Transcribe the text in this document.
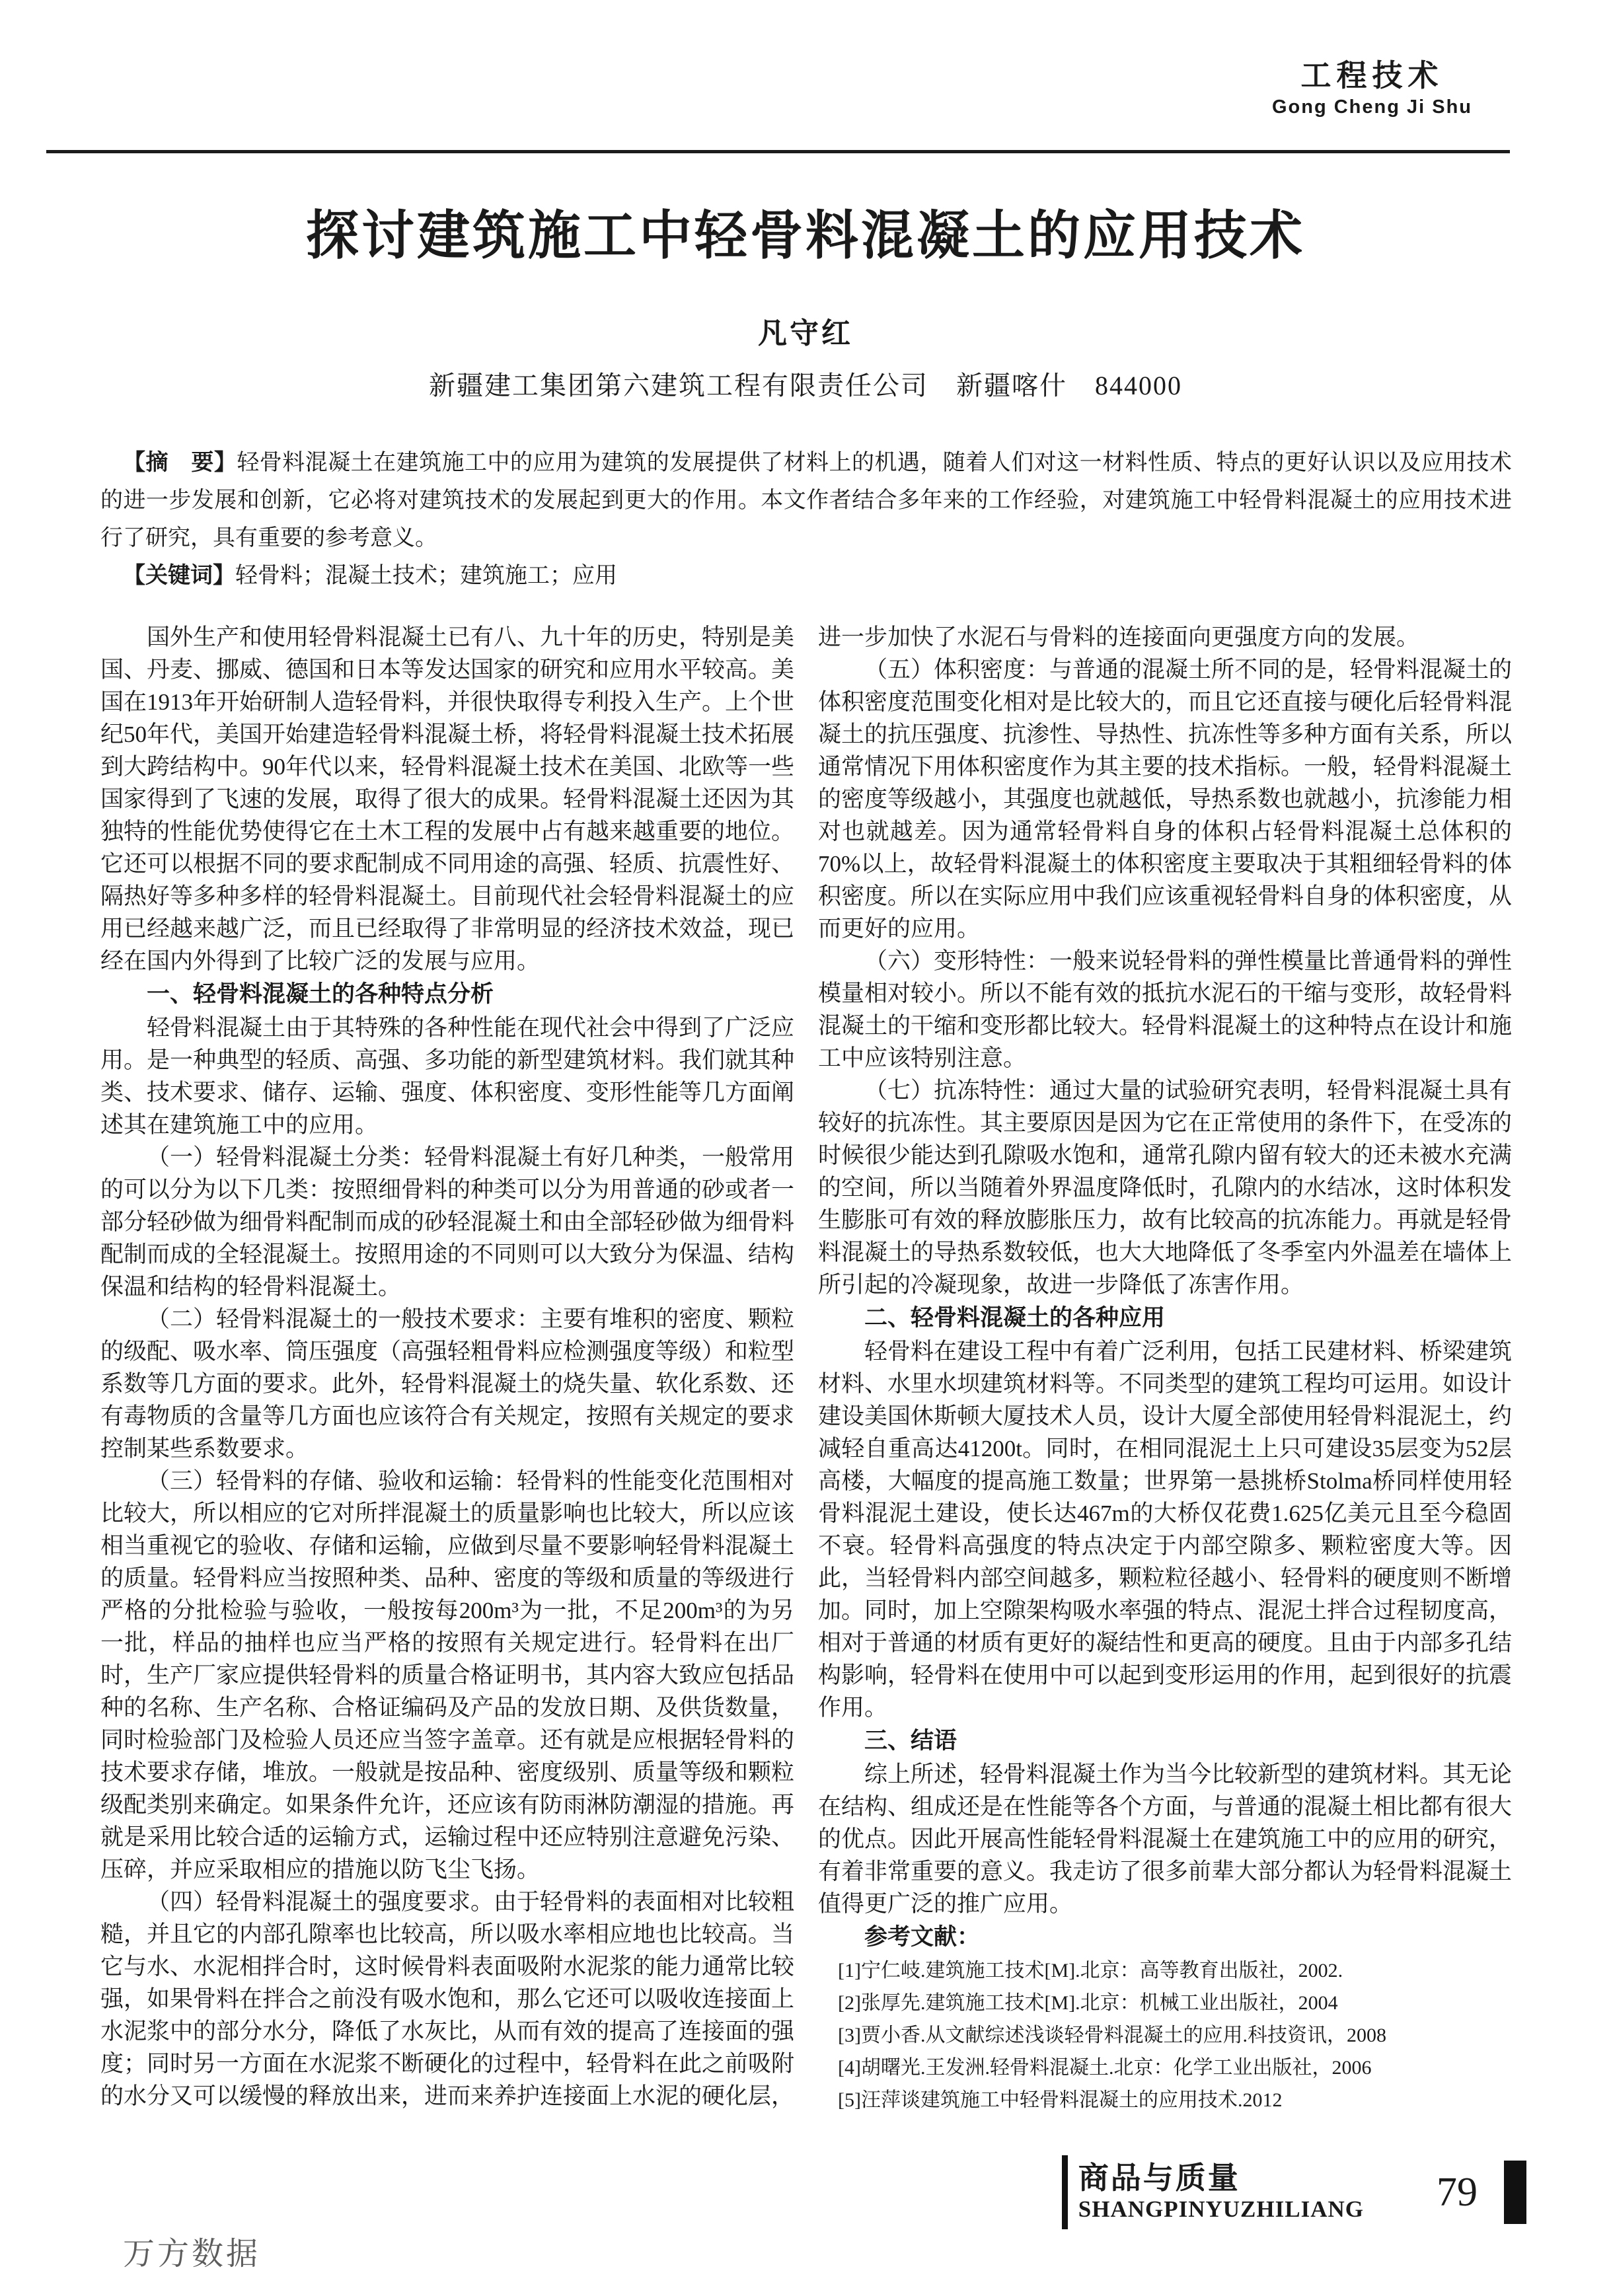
工程技术
Gong Cheng Ji Shu
探讨建筑施工中轻骨料混凝土的应用技术
凡守红
新疆建工集团第六建筑工程有限责任公司　新疆喀什　844000
【摘　要】轻骨料混凝土在建筑施工中的应用为建筑的发展提供了材料上的机遇，随着人们对这一材料性质、特点的更好认识以及应用技术的进一步发展和创新，它必将对建筑技术的发展起到更大的作用。本文作者结合多年来的工作经验，对建筑施工中轻骨料混凝土的应用技术进行了研究，具有重要的参考意义。
【关键词】轻骨料；混凝土技术；建筑施工；应用
国外生产和使用轻骨料混凝土已有八、九十年的历史，特别是美国、丹麦、挪威、德国和日本等发达国家的研究和应用水平较高。美国在1913年开始研制人造轻骨料，并很快取得专利投入生产。上个世纪50年代，美国开始建造轻骨料混凝土桥，将轻骨料混凝土技术拓展到大跨结构中。90年代以来，轻骨料混凝土技术在美国、北欧等一些国家得到了飞速的发展，取得了很大的成果。轻骨料混凝土还因为其独特的性能优势使得它在土木工程的发展中占有越来越重要的地位。它还可以根据不同的要求配制成不同用途的高强、轻质、抗震性好、隔热好等多种多样的轻骨料混凝土。目前现代社会轻骨料混凝土的应用已经越来越广泛，而且已经取得了非常明显的经济技术效益，现已经在国内外得到了比较广泛的发展与应用。
一、轻骨料混凝土的各种特点分析
轻骨料混凝土由于其特殊的各种性能在现代社会中得到了广泛应用。是一种典型的轻质、高强、多功能的新型建筑材料。我们就其种类、技术要求、储存、运输、强度、体积密度、变形性能等几方面阐述其在建筑施工中的应用。
（一）轻骨料混凝土分类：轻骨料混凝土有好几种类，一般常用的可以分为以下几类：按照细骨料的种类可以分为用普通的砂或者一部分轻砂做为细骨料配制而成的砂轻混凝土和由全部轻砂做为细骨料配制而成的全轻混凝土。按照用途的不同则可以大致分为保温、结构保温和结构的轻骨料混凝土。
（二）轻骨料混凝土的一般技术要求：主要有堆积的密度、颗粒的级配、吸水率、筒压强度（高强轻粗骨料应检测强度等级）和粒型系数等几方面的要求。此外，轻骨料混凝土的烧失量、软化系数、还有毒物质的含量等几方面也应该符合有关规定，按照有关规定的要求控制某些系数要求。
（三）轻骨料的存储、验收和运输：轻骨料的性能变化范围相对比较大，所以相应的它对所拌混凝土的质量影响也比较大，所以应该相当重视它的验收、存储和运输，应做到尽量不要影响轻骨料混凝土的质量。轻骨料应当按照种类、品种、密度的等级和质量的等级进行严格的分批检验与验收，一般按每200m³为一批，不足200m³的为另一批，样品的抽样也应当严格的按照有关规定进行。轻骨料在出厂时，生产厂家应提供轻骨料的质量合格证明书，其内容大致应包括品种的名称、生产名称、合格证编码及产品的发放日期、及供货数量，同时检验部门及检验人员还应当签字盖章。还有就是应根据轻骨料的技术要求存储，堆放。一般就是按品种、密度级别、质量等级和颗粒级配类别来确定。如果条件允许，还应该有防雨淋防潮湿的措施。再就是采用比较合适的运输方式，运输过程中还应特别注意避免污染、压碎，并应采取相应的措施以防飞尘飞扬。
（四）轻骨料混凝土的强度要求。由于轻骨料的表面相对比较粗糙，并且它的内部孔隙率也比较高，所以吸水率相应地也比较高。当它与水、水泥相拌合时，这时候骨料表面吸附水泥浆的能力通常比较强，如果骨料在拌合之前没有吸水饱和，那么它还可以吸收连接面上水泥浆中的部分水分，降低了水灰比，从而有效的提高了连接面的强度；同时另一方面在水泥浆不断硬化的过程中，轻骨料在此之前吸附的水分又可以缓慢的释放出来，进而来养护连接面上水泥的硬化层，
进一步加快了水泥石与骨料的连接面向更强度方向的发展。
（五）体积密度：与普通的混凝土所不同的是，轻骨料混凝土的体积密度范围变化相对是比较大的，而且它还直接与硬化后轻骨料混凝土的抗压强度、抗渗性、导热性、抗冻性等多种方面有关系，所以通常情况下用体积密度作为其主要的技术指标。一般，轻骨料混凝土的密度等级越小，其强度也就越低，导热系数也就越小，抗渗能力相对也就越差。因为通常轻骨料自身的体积占轻骨料混凝土总体积的70%以上，故轻骨料混凝土的体积密度主要取决于其粗细轻骨料的体积密度。所以在实际应用中我们应该重视轻骨料自身的体积密度，从而更好的应用。
（六）变形特性：一般来说轻骨料的弹性模量比普通骨料的弹性模量相对较小。所以不能有效的抵抗水泥石的干缩与变形，故轻骨料混凝土的干缩和变形都比较大。轻骨料混凝土的这种特点在设计和施工中应该特别注意。
（七）抗冻特性：通过大量的试验研究表明，轻骨料混凝土具有较好的抗冻性。其主要原因是因为它在正常使用的条件下，在受冻的时候很少能达到孔隙吸水饱和，通常孔隙内留有较大的还未被水充满的空间，所以当随着外界温度降低时，孔隙内的水结冰，这时体积发生膨胀可有效的释放膨胀压力，故有比较高的抗冻能力。再就是轻骨料混凝土的导热系数较低，也大大地降低了冬季室内外温差在墙体上所引起的冷凝现象，故进一步降低了冻害作用。
二、轻骨料混凝土的各种应用
轻骨料在建设工程中有着广泛利用，包括工民建材料、桥梁建筑材料、水里水坝建筑材料等。不同类型的建筑工程均可运用。如设计建设美国休斯顿大厦技术人员，设计大厦全部使用轻骨料混泥土，约减轻自重高达41200t。同时，在相同混泥土上只可建设35层变为52层高楼，大幅度的提高施工数量；世界第一悬挑桥Stolma桥同样使用轻骨料混泥土建设，使长达467m的大桥仅花费1.625亿美元且至今稳固不衰。轻骨料高强度的特点决定于内部空隙多、颗粒密度大等。因此，当轻骨料内部空间越多，颗粒粒径越小、轻骨料的硬度则不断增加。同时，加上空隙架构吸水率强的特点、混泥土拌合过程韧度高，相对于普通的材质有更好的凝结性和更高的硬度。且由于内部多孔结构影响，轻骨料在使用中可以起到变形运用的作用，起到很好的抗震作用。
三、结语
综上所述，轻骨料混凝土作为当今比较新型的建筑材料。其无论在结构、组成还是在性能等各个方面，与普通的混凝土相比都有很大的优点。因此开展高性能轻骨料混凝土在建筑施工中的应用的研究，有着非常重要的意义。我走访了很多前辈大部分都认为轻骨料混凝土值得更广泛的推广应用。
参考文献：
[1]宁仁岐.建筑施工技术[M].北京：高等教育出版社，2002.
[2]张厚先.建筑施工技术[M].北京：机械工业出版社，2004
[3]贾小香.从文献综述浅谈轻骨料混凝土的应用.科技资讯，2008
[4]胡曙光.王发洲.轻骨料混凝土.北京：化学工业出版社，2006
[5]汪萍谈建筑施工中轻骨料混凝土的应用技术.2012
商品与质量
SHANGPINYUZHILIANG 79
万方数据
